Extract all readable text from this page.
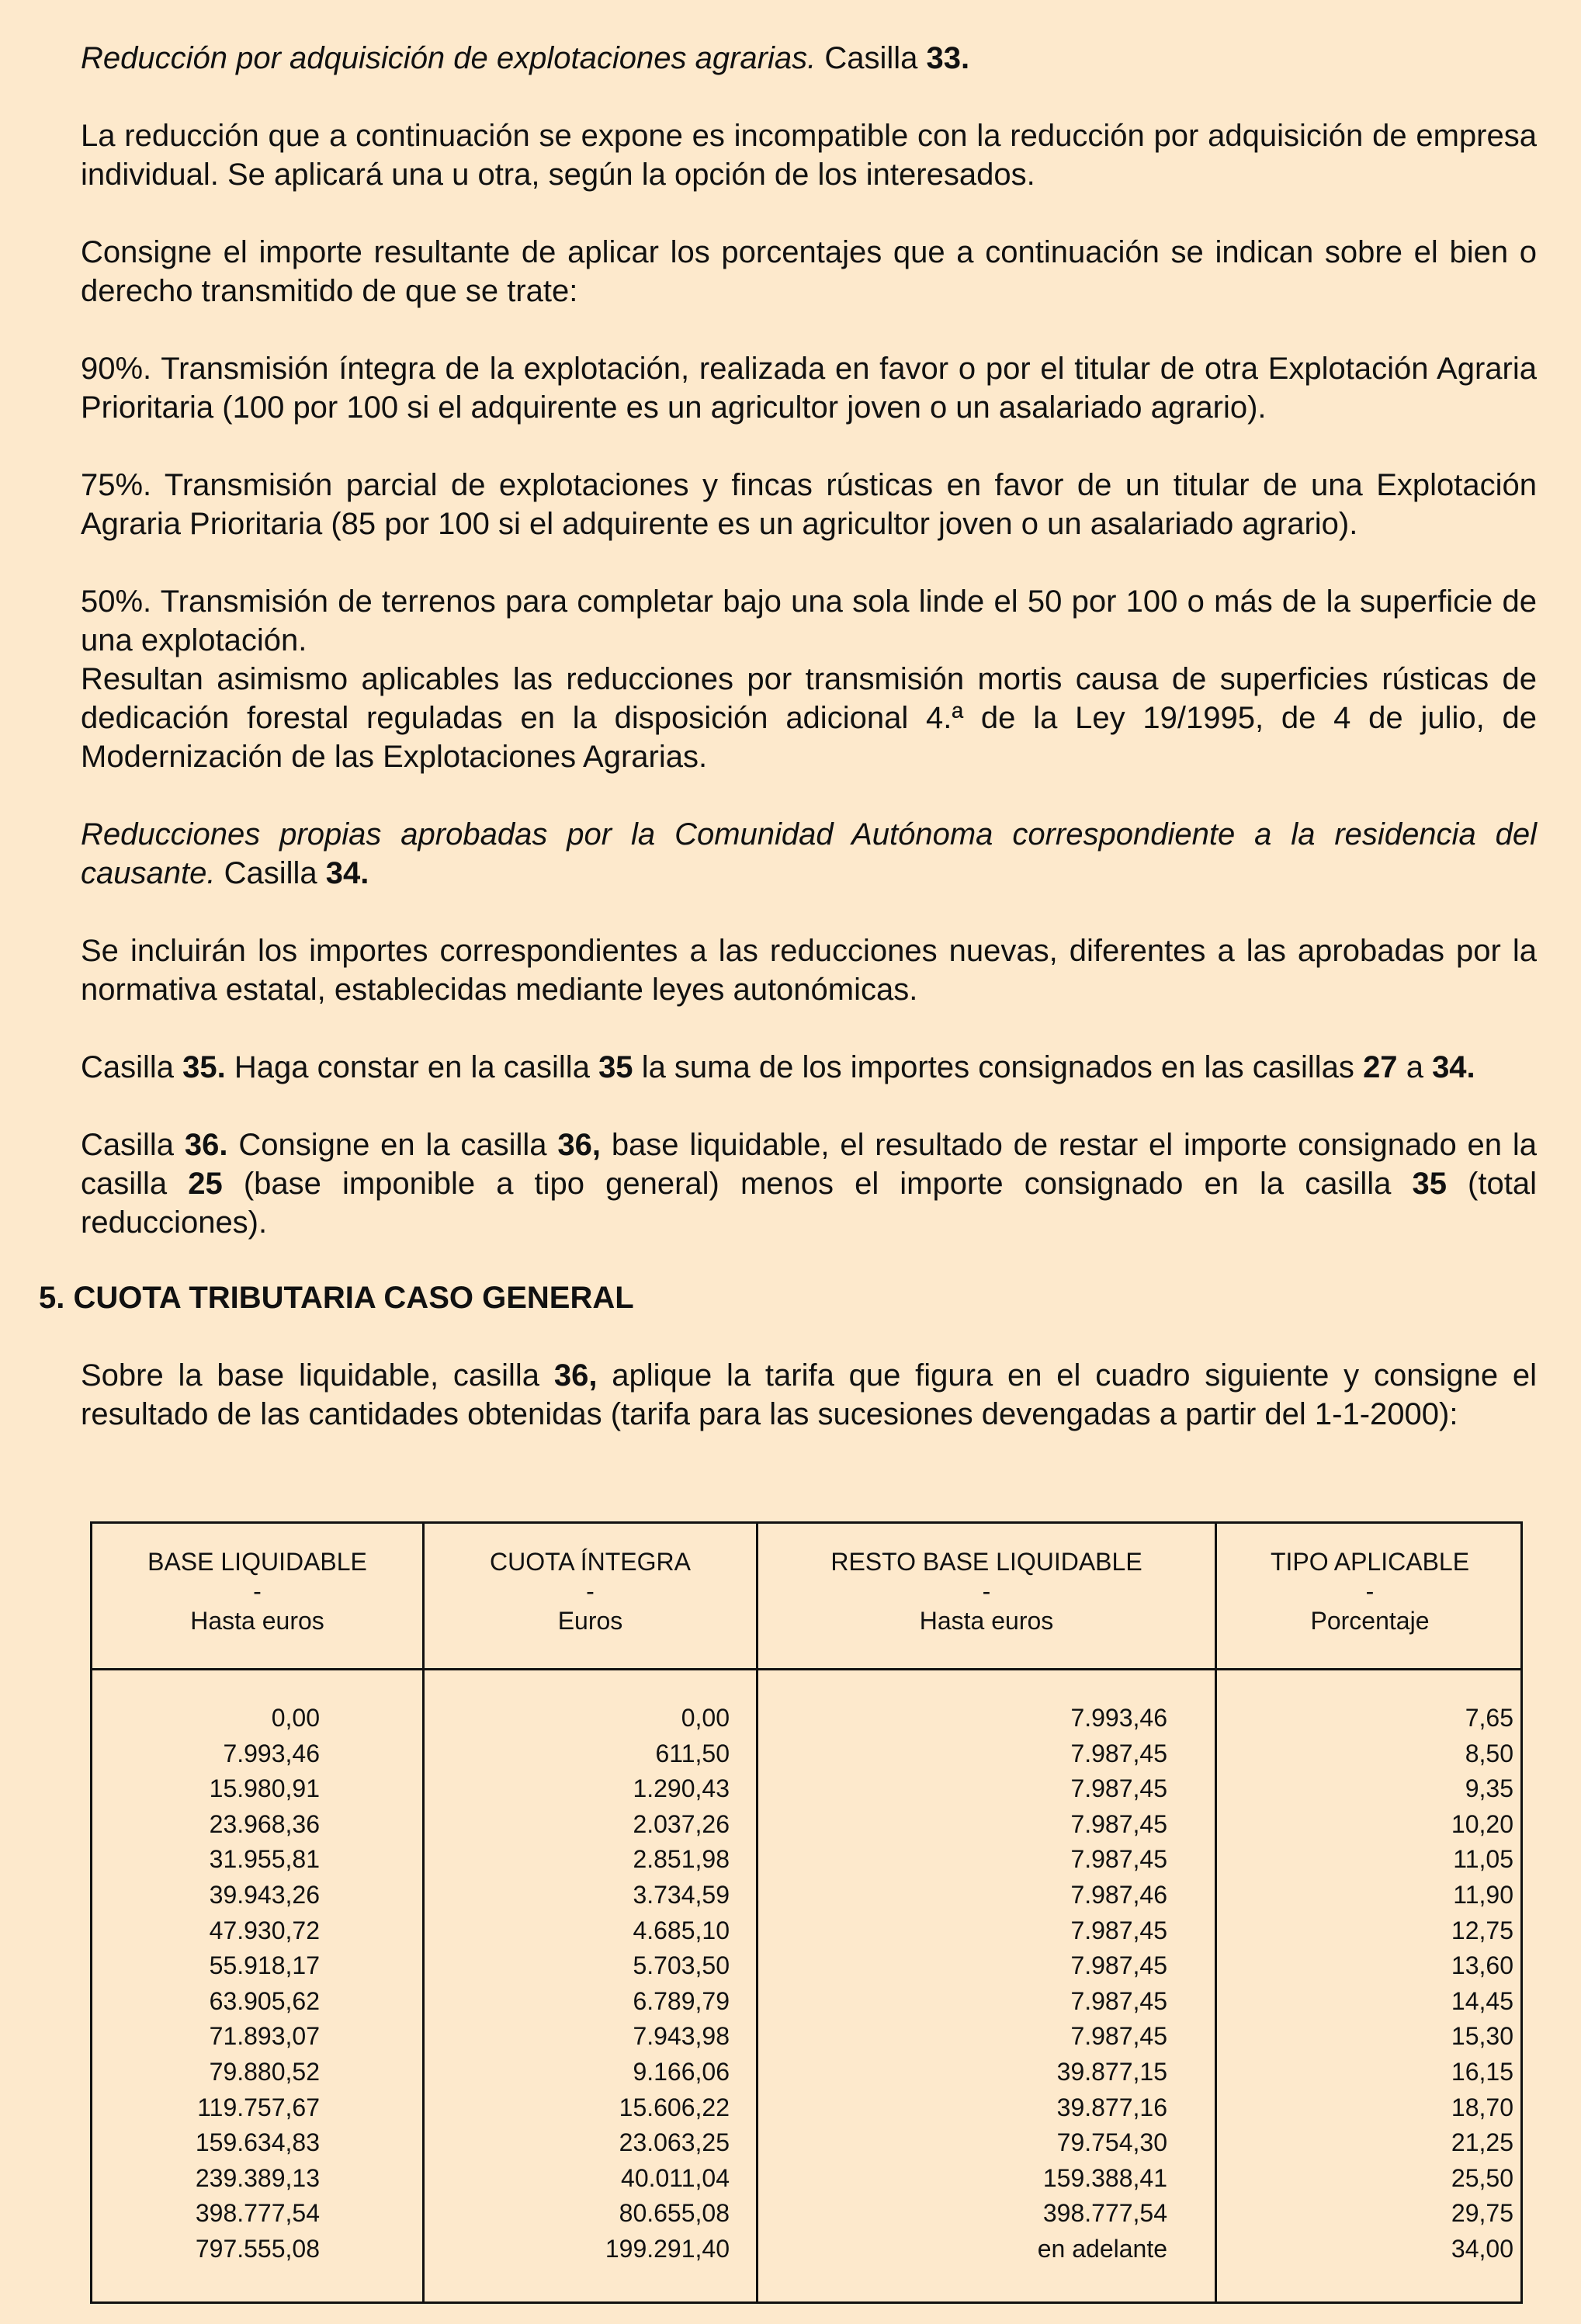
Reducción por adquisición de explotaciones agrarias. Casilla 33.
La reducción que a continuación se expone es incompatible con la reducción por adquisición de empresa individual. Se aplicará una u otra, según la opción de los interesados.
Consigne el importe resultante de aplicar los porcentajes que a continuación se indican sobre el bien o derecho transmitido de que se trate:
90%. Transmisión íntegra de la explotación, realizada en favor o por el titular de otra Explotación Agraria Prioritaria (100 por 100 si el adquirente es un agricultor joven o un asalariado agrario).
75%. Transmisión parcial de explotaciones y fincas rústicas en favor de un titular de una Explotación Agraria Prioritaria (85 por 100 si el adquirente es un agricultor joven o un asalariado agrario).
50%. Transmisión de terrenos para completar bajo una sola linde el 50 por 100 o más de la superficie de una explotación.
Resultan asimismo aplicables las reducciones por transmisión mortis causa de superficies rústicas de dedicación forestal reguladas en la disposición adicional 4.ª de la Ley 19/1995, de 4 de julio, de Modernización de las Explotaciones Agrarias.
Reducciones propias aprobadas por la Comunidad Autónoma correspondiente a la residencia del causante. Casilla 34.
Se incluirán los importes correspondientes a las reducciones nuevas, diferentes a las aprobadas por la normativa estatal, establecidas mediante leyes autonómicas.
Casilla 35. Haga constar en la casilla 35 la suma de los importes consignados en las casillas 27 a 34.
Casilla 36. Consigne en la casilla 36, base liquidable, el resultado de restar el importe consignado en la casilla 25 (base imponible a tipo general) menos el importe consignado en la casilla 35 (total reducciones).
5. CUOTA TRIBUTARIA CASO GENERAL
Sobre la base liquidable, casilla 36, aplique la tarifa que figura en el cuadro siguiente y consigne el resultado de las cantidades obtenidas (tarifa para las sucesiones devengadas a partir del 1-1-2000):
BASE LIQUIDABLE
-
Hasta euros
CUOTA ÍNTEGRA
-
Euros
RESTO BASE LIQUIDABLE
-
Hasta euros
TIPO APLICABLE
-
Porcentaje
0,00
7.993,46
15.980,91
23.968,36
31.955,81
39.943,26
47.930,72
55.918,17
63.905,62
71.893,07
79.880,52
119.757,67
159.634,83
239.389,13
398.777,54
797.555,08
0,00
611,50
1.290,43
2.037,26
2.851,98
3.734,59
4.685,10
5.703,50
6.789,79
7.943,98
9.166,06
15.606,22
23.063,25
40.011,04
80.655,08
199.291,40
7.993,46
7.987,45
7.987,45
7.987,45
7.987,45
7.987,46
7.987,45
7.987,45
7.987,45
7.987,45
39.877,15
39.877,16
79.754,30
159.388,41
398.777,54
en adelante
7,65
8,50
9,35
10,20
11,05
11,90
12,75
13,60
14,45
15,30
16,15
18,70
21,25
25,50
29,75
34,00
